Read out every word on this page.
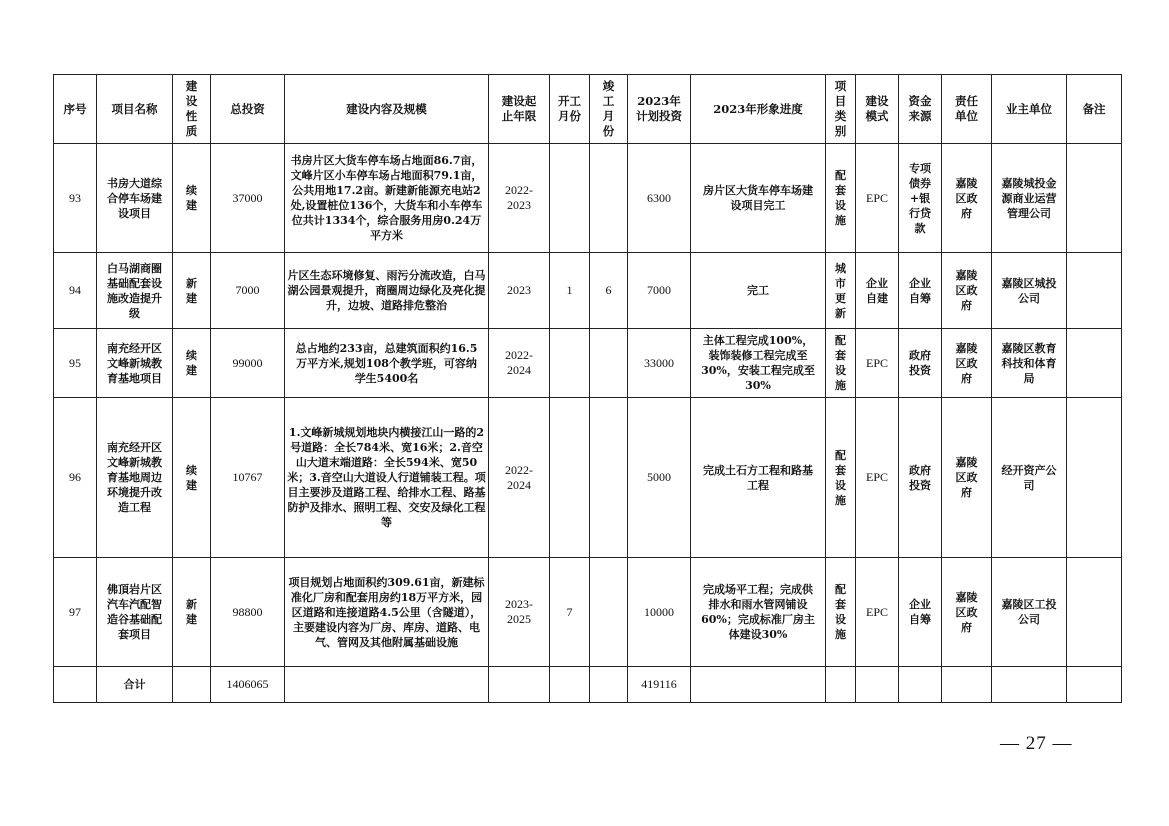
序号	项目名称	建设性质	总投资	建设内容及规模	建设起止年限	开工月份	竣工月份	2023年计划投资	2023年形象进度	项目类别	建设模式	资金来源	责任单位	业主单位	备注
93	书房大道综合停车场建设项目	续建	37000	书房片区大货车停车场占地面86.7亩，文峰片区小车停车场占地面积79.1亩，公共用地17.2亩。新建新能源充电站2处,设置桩位136个，大货车和小车停车位共计1334个，综合服务用房0.24万平方米	2022-2023			6300	房片区大货车停车场建设项目完工	配套设施	EPC	专项债券+银行贷款	嘉陵区政府	嘉陵城投金源商业运营管理公司	
94	白马湖商圈基础配套设施改造提升级	新建	7000	片区生态环境修复、雨污分流改造，白马湖公园景观提升，商圈周边绿化及亮化提升，边坡、道路排危整治	2023	1	6	7000	完工	城市更新	企业自建	企业自筹	嘉陵区政府	嘉陵区城投公司	
95	南充经开区文峰新城教育基地项目	续建	99000	总占地约233亩，总建筑面积约16.5万平方米,规划108个教学班，可容纳学生5400名	2022-2024			33000	主体工程完成100%，装饰装修工程完成至30%，安装工程完成至30%	配套设施	EPC	政府投资	嘉陵区政府	嘉陵区教育科技和体育局	
96	南充经开区文峰新城教育基地周边环境提升改造工程	续建	10767	1.文峰新城规划地块内横接江山一路的2号道路：全长784米、宽16米；2.音空山大道末端道路：全长594米、宽50米；3.音空山大道设人行道铺装工程。项目主要涉及道路工程、给排水工程、路基防护及排水、照明工程、交安及绿化工程等	2022-2024			5000	完成土石方工程和路基工程	配套设施	EPC	政府投资	嘉陵区政府	经开资产公司	
97	佛頂岩片区汽车汽配智造谷基础配套项目	新建	98800	项目规划占地面积约309.61亩，新建标准化厂房和配套用房约18万平方米，园区道路和连接道路4.5公里（含隧道），主要建设内容为厂房、库房、道路、电气、管网及其他附属基础设施	2023-2025	7		10000	完成场平工程；完成供排水和雨水管网铺设60%；完成标准厂房主体建设30%	配套设施	EPC	企业自筹	嘉陵区政府	嘉陵区工投公司	
	合计		1406065					419116							
— 27 —
